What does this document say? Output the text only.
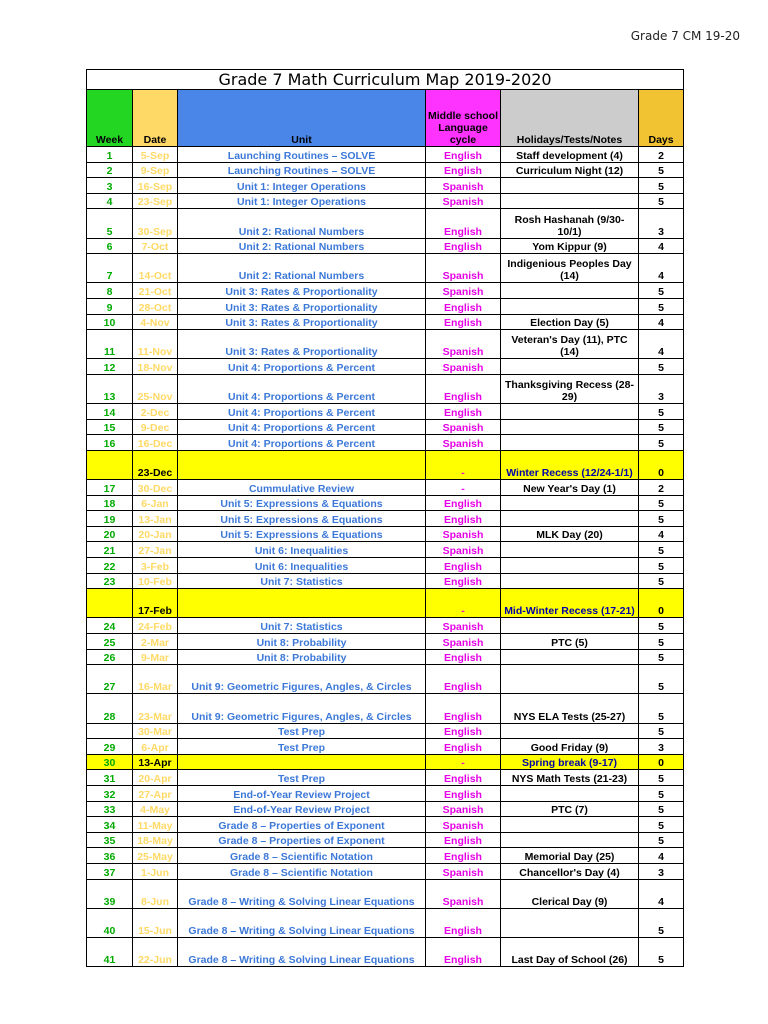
Grade 7 CM 19-20
Grade 7 Math Curriculum Map 2019-2020					
Week	Date	Unit	Middle school Language cycle	Holidays/Tests/Notes	Days
1	5-Sep	Launching Routines – SOLVE	English	Staff development (4)	2
2	9-Sep	Launching Routines – SOLVE	English	Curriculum Night (12)	5
3	16-Sep	Unit 1: Integer Operations	Spanish		5
4	23-Sep	Unit 1: Integer Operations	Spanish		5
5	30-Sep	Unit 2: Rational Numbers	English	Rosh Hashanah (9/30-10/1)	3
6	7-Oct	Unit 2: Rational Numbers	English	Yom Kippur (9)	4
7	14-Oct	Unit 2: Rational Numbers	Spanish	Indigenious Peoples Day (14)	4
8	21-Oct	Unit 3: Rates & Proportionality	Spanish		5
9	28-Oct	Unit 3: Rates & Proportionality	English		5
10	4-Nov	Unit 3: Rates & Proportionality	English	Election Day (5)	4
11	11-Nov	Unit 3: Rates & Proportionality	Spanish	Veteran's Day (11), PTC (14)	4
12	18-Nov	Unit 4: Proportions & Percent	Spanish		5
13	25-Nov	Unit 4: Proportions & Percent	English	Thanksgiving Recess (28-29)	3
14	2-Dec	Unit 4: Proportions & Percent	English		5
15	9-Dec	Unit 4: Proportions & Percent	Spanish		5
16	16-Dec	Unit 4: Proportions & Percent	Spanish		5
	23-Dec		-	Winter Recess (12/24-1/1)	0
17	30-Dec	Cummulative Review	-	New Year's Day (1)	2
18	6-Jan	Unit 5: Expressions & Equations	English		5
19	13-Jan	Unit 5: Expressions & Equations	English		5
20	20-Jan	Unit 5: Expressions & Equations	Spanish	MLK Day (20)	4
21	27-Jan	Unit 6: Inequalities	Spanish		5
22	3-Feb	Unit 6: Inequalities	English		5
23	10-Feb	Unit 7: Statistics	English		5
	17-Feb		-	Mid-Winter Recess (17-21)	0
24	24-Feb	Unit 7: Statistics	Spanish		5
25	2-Mar	Unit 8: Probability	Spanish	PTC (5)	5
26	9-Mar	Unit 8: Probability	English		5
27	16-Mar	Unit 9: Geometric Figures, Angles, & Circles	English		5
28	23-Mar	Unit 9: Geometric Figures, Angles, & Circles	English	NYS ELA Tests (25-27)	5
	30-Mar	Test Prep	English		5
29	6-Apr	Test Prep	English	Good Friday (9)	3
30	13-Apr		-	Spring break (9-17)	0
31	20-Apr	Test Prep	English	NYS Math Tests (21-23)	5
32	27-Apr	End-of-Year Review Project	English		5
33	4-May	End-of-Year Review Project	Spanish	PTC (7)	5
34	11-May	Grade 8 – Properties of Exponent	Spanish		5
35	18-May	Grade 8 – Properties of Exponent	English		5
36	25-May	Grade 8 – Scientific Notation	English	Memorial Day (25)	4
37	1-Jun	Grade 8 – Scientific Notation	Spanish	Chancellor's Day (4)	3
39	8-Jun	Grade 8 – Writing & Solving Linear Equations	Spanish	Clerical Day (9)	4
40	15-Jun	Grade 8 – Writing & Solving Linear Equations	English		5
41	22-Jun	Grade 8 – Writing & Solving Linear Equations	English	Last Day of School (26)	5
